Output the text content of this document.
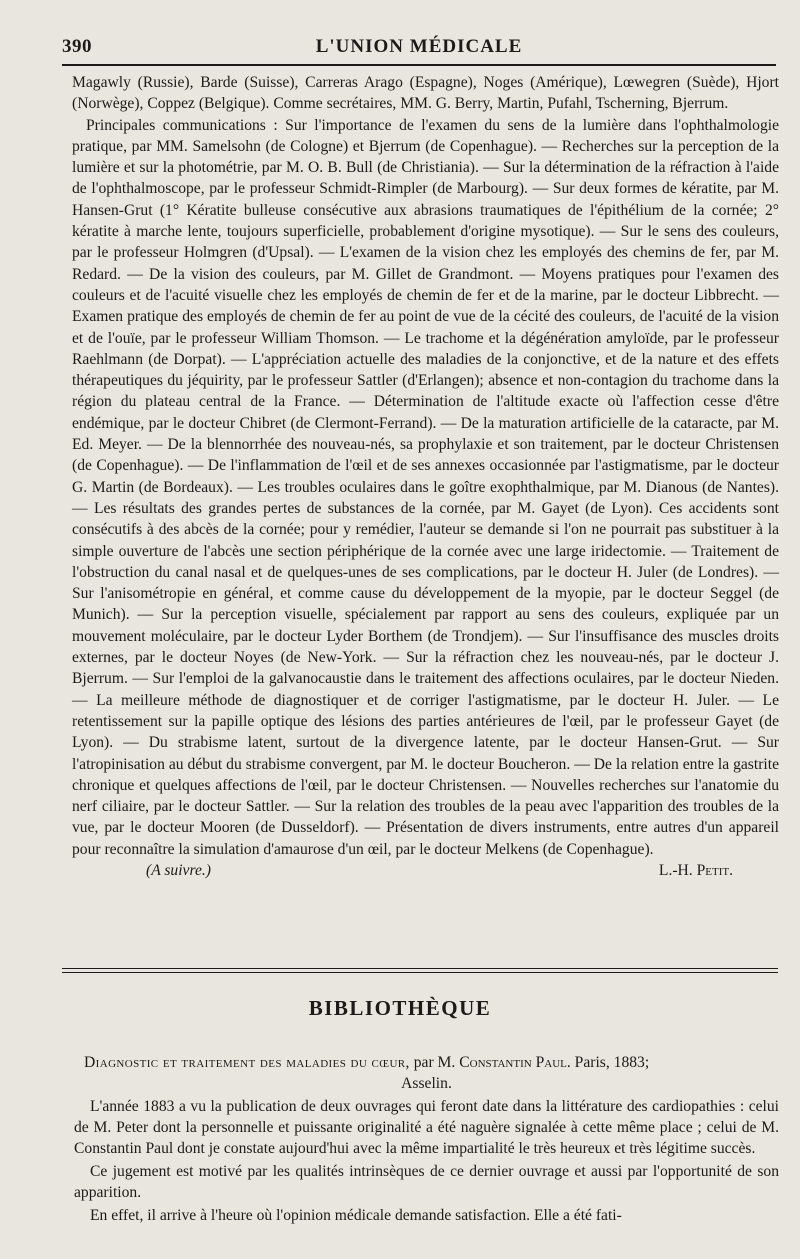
390	L'UNION MÉDICALE

Magawly (Russie), Barde (Suisse), Carreras Arago (Espagne), Noges (Amérique), Lœwegren (Suède), Hjort (Norwège), Coppez (Belgique). Comme secrétaires, MM. G. Berry, Martin, Pufahl, Tscherning, Bjerrum.

Principales communications : Sur l'importance de l'examen du sens de la lumière dans l'ophthalmologie pratique, par MM. Samelsohn (de Cologne) et Bjerrum (de Copenhague). — Recherches sur la perception de la lumière et sur la photométrie, par M. O. B. Bull (de Christiania). — Sur la détermination de la réfraction à l'aide de l'ophthalmoscope, par le professeur Schmidt-Rimpler (de Marbourg). — Sur deux formes de kératite, par M. Hansen-Grut (1° Kératite bulleuse consécutive aux abrasions traumatiques de l'épithélium de la cornée; 2° kératite à marche lente, toujours superficielle, probablement d'origine mysotique). — Sur le sens des couleurs, par le professeur Holmgren (d'Upsal). — L'examen de la vision chez les employés des chemins de fer, par M. Redard. — De la vision des couleurs, par M. Gillet de Grandmont. — Moyens pratiques pour l'examen des couleurs et de l'acuité visuelle chez les employés de chemin de fer et de la marine, par le docteur Libbrecht. — Examen pratique des employés de chemin de fer au point de vue de la cécité des couleurs, de l'acuité de la vision et de l'ouïe, par le professeur William Thomson. — Le trachome et la dégénération amyloïde, par le professeur Raehlmann (de Dorpat). — L'appréciation actuelle des maladies de la conjonctive, et de la nature et des effets thérapeutiques du jéquirity, par le professeur Sattler (d'Erlangen); absence et non-contagion du trachome dans la région du plateau central de la France. — Détermination de l'altitude exacte où l'affection cesse d'être endémique, par le docteur Chibret (de Clermont-Ferrand). — De la maturation artificielle de la cataracte, par M. Ed. Meyer. — De la blennorrhée des nouveau-nés, sa prophylaxie et son traitement, par le docteur Christensen (de Copenhague). — De l'inflammation de l'œil et de ses annexes occasionnée par l'astigmatisme, par le docteur G. Martin (de Bordeaux). — Les troubles oculaires dans le goître exophthalmique, par M. Dianous (de Nantes). — Les résultats des grandes pertes de substances de la cornée, par M. Gayet (de Lyon). Ces accidents sont consécutifs à des abcès de la cornée; pour y remédier, l'auteur se demande si l'on ne pourrait pas substituer à la simple ouverture de l'abcès une section périphérique de la cornée avec une large iridectomie. — Traitement de l'obstruction du canal nasal et de quelques-unes de ses complications, par le docteur H. Juler (de Londres). — Sur l'anisométropie en général, et comme cause du développement de la myopie, par le docteur Seggel (de Munich). — Sur la perception visuelle, spécialement par rapport au sens des couleurs, expliquée par un mouvement moléculaire, par le docteur Lyder Borthem (de Trondjem). — Sur l'insuffisance des muscles droits externes, par le docteur Noyes (de New-York. — Sur la réfraction chez les nouveau-nés, par le docteur J. Bjerrum. — Sur l'emploi de la galvanocaustie dans le traitement des affections oculaires, par le docteur Nieden. — La meilleure méthode de diagnostiquer et de corriger l'astigmatisme, par le docteur H. Juler. — Le retentissement sur la papille optique des lésions des parties antérieures de l'œil, par le professeur Gayet (de Lyon). — Du strabisme latent, surtout de la divergence latente, par le docteur Hansen-Grut. — Sur l'atropinisation au début du strabisme convergent, par M. le docteur Boucheron. — De la relation entre la gastrite chronique et quelques affections de l'œil, par le docteur Christensen. — Nouvelles recherches sur l'anatomie du nerf ciliaire, par le docteur Sattler. — Sur la relation des troubles de la peau avec l'apparition des troubles de la vue, par le docteur Mooren (de Dusseldorf). — Présentation de divers instruments, entre autres d'un appareil pour reconnaître la simulation d'amaurose d'un œil, par le docteur Melkens (de Copenhague).

(A suivre.)	L.-H. Petit.
BIBLIOTHÈQUE

Diagnostic et traitement des maladies du cœur, par M. Constantin Paul. Paris, 1883;

Asselin.

L'année 1883 a vu la publication de deux ouvrages qui feront date dans la littérature des cardiopathies : celui de M. Peter dont la personnelle et puissante originalité a été naguère signalée à cette même place ; celui de M. Constantin Paul dont je constate aujourd'hui avec la même impartialité le très heureux et très légitime succès.

Ce jugement est motivé par les qualités intrinsèques de ce dernier ouvrage et aussi par l'opportunité de son apparition.

En effet, il arrive à l'heure où l'opinion médicale demande satisfaction. Elle a été fati-
